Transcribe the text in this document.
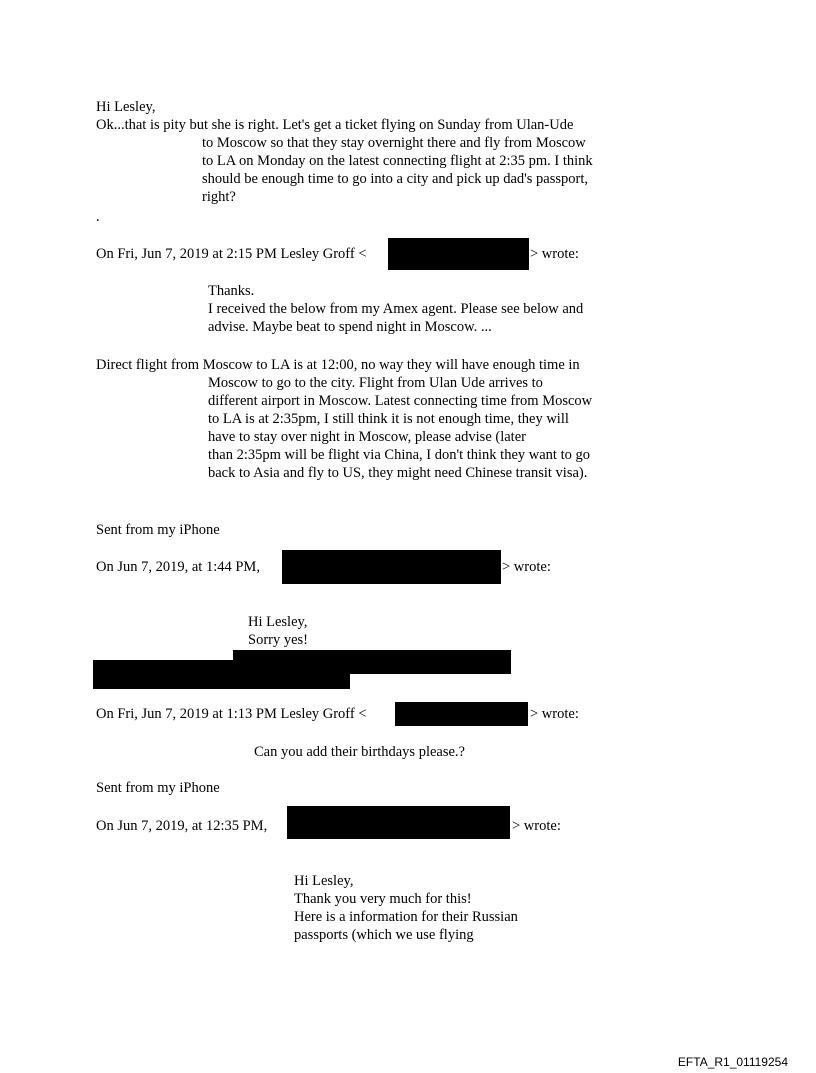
Hi Lesley,

Ok...that is pity but she is right. Let's get a ticket flying on Sunday from Ulan-Ude

to Moscow so that they stay overnight there and fly from Moscow

to LA on Monday on the latest connecting flight at 2:35 pm. I think

should be enough time to go into a city and pick up dad's passport,

right?

.

On Fri, Jun 7, 2019 at 2:15 PM Lesley Groff <	> wrote:

Thanks.

I received the below from my Amex agent. Please see below and

advise. Maybe beat to spend night in Moscow. ...

Direct flight from Moscow to LA is at 12:00, no way they will have enough time in

Moscow to go to the city. Flight from Ulan Ude arrives to

different airport in Moscow. Latest connecting time from Moscow

to LA is at 2:35pm, I still think it is not enough time, they will

have to stay over night in Moscow, please advise (later

than 2:35pm will be flight via China, I don't think they want to go

back to Asia and fly to US, they might need Chinese transit visa).

Sent from my iPhone

On Jun 7, 2019, at 1:44 PM,	> wrote:

Hi Lesley,

Sorry yes!

On Fri, Jun 7, 2019 at 1:13 PM Lesley Groff <	> wrote:

Can you add their birthdays please.?

Sent from my iPhone

On Jun 7, 2019, at 12:35 PM,	> wrote:

Hi Lesley,

Thank you very much for this!

Here is a information for their Russian

passports (which we use flying

EFTA_R1_01119254
